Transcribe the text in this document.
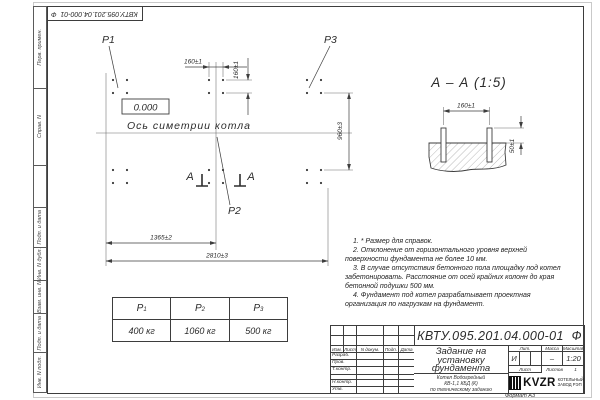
Перв. примен.
Справ. N
Подп. и дата
Инв. N дубл.
Взам. инв. N
Подп. и дата
Инв. N подл.
КВТУ.095.201.04.000-01  Ф

1. * Размер для справок.

2. Отклонение от горизонтального уровня верхней поверхности фундамента не более 10 мм.

3. В случае отсутствия бетонного пола площадку под котел забетонировать. Расстояние от осей крайних колонн до края бетонной подушки 500 мм.

4. Фундамент под котел разрабатывает проектная организация по нагрузкам на фундамент.

P1	P2	P3
400 кг	1060 кг	500 кг
Изм. Лист	N докум.	Подп. Дата
Разраб.
Пров.
Т.контр.
Н.контр.
Утв.
КВТУ.095.201.04.000-01  Ф
Задание на установку фундамента
Котел Водогрейный
КВ-1,1 КБД (К)
по техническому заданию
Лит.	Масса Масштаб
И	–	1:20
Лист	Листов	1
KVZR КОТЕЛЬНЫЙ
ЗАВОД РЭП
Формат А3
P1	P3
P2
0.000
Ось симетрии котла
А	А
160±1	160±1
960±3
1365±2
2810±3
А – А (1:5)
160±1
50±1
